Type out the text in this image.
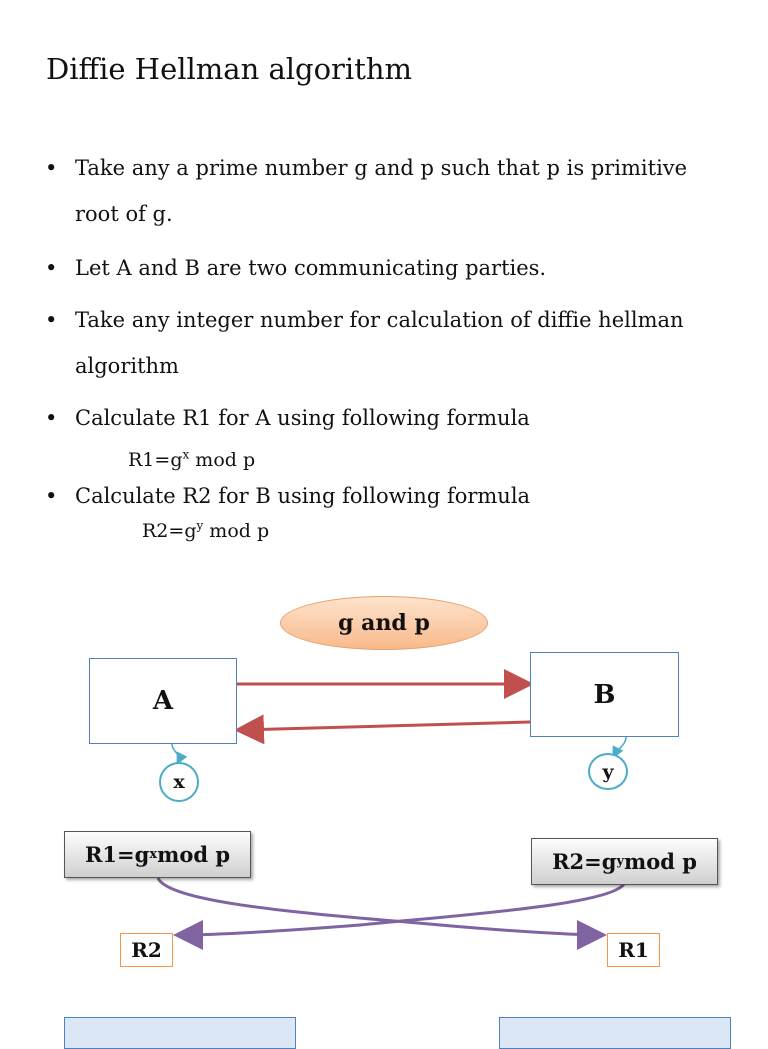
Diffie Hellman algorithm
• Take any a prime number g and p such that p is primitive
root of g.
• Let A and B are two communicating parties.
• Take any integer number for calculation of diffie hellman
algorithm
• Calculate R1 for A using following formula
$R1=g^x$ mod p
• Calculate R2 for B using following formula
$R2=g^y$ mod p
g and p
A	B
x	y
R1=g x mod p	R2=g y mod p
R2	R1
